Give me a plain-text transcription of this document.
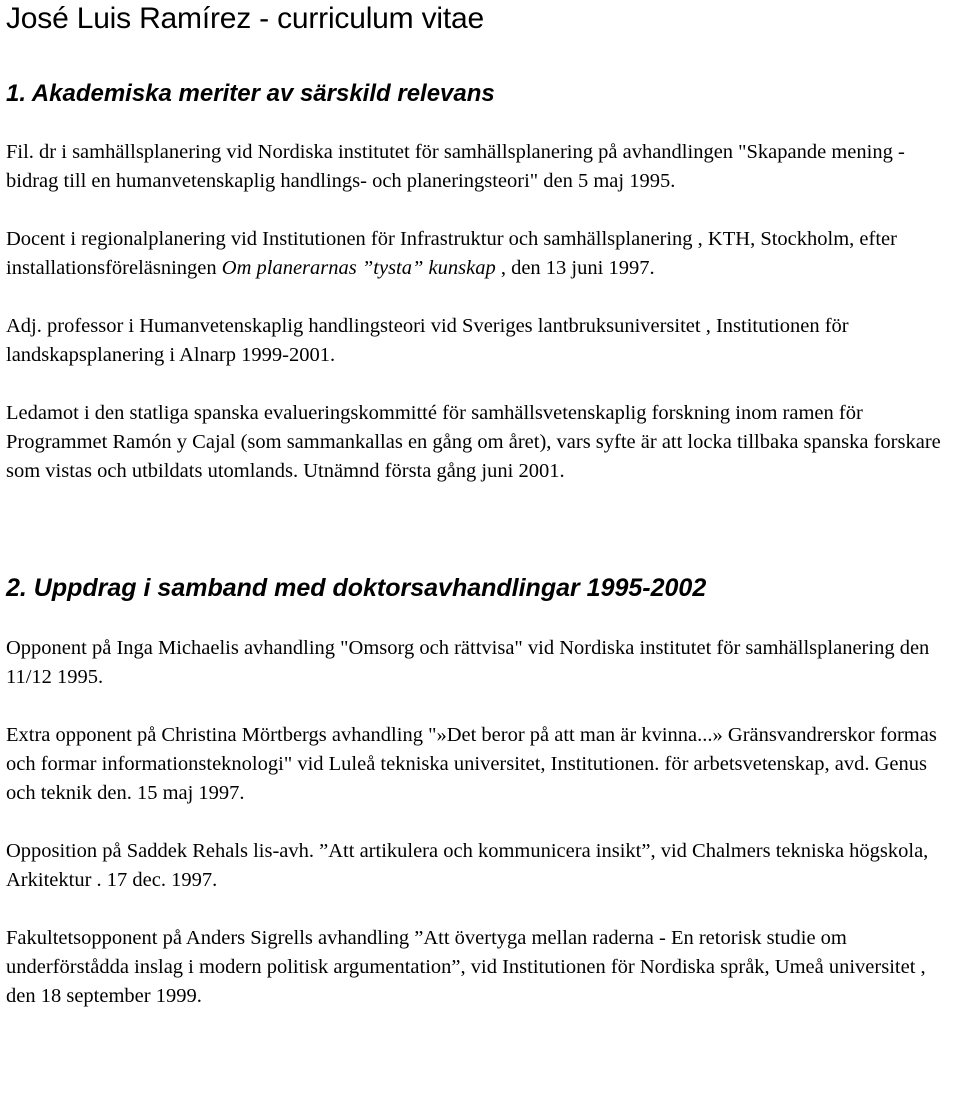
José Luis Ramírez - curriculum vitae
1. Akademiska meriter av särskild relevans

Fil. dr i samhällsplanering vid Nordiska institutet för samhällsplanering på avhandlingen "Skapande mening - bidrag till en humanvetenskaplig handlings- och planeringsteori" den 5 maj 1995.

Docent i regionalplanering vid Institutionen för Infrastruktur och samhällsplanering , KTH, Stockholm, efter installationsföreläsningen Om planerarnas ”tysta” kunskap , den 13 juni 1997.

Adj. professor i Humanvetenskaplig handlingsteori vid Sveriges lantbruksuniversitet , Institutionen för landskapsplanering i Alnarp 1999-2001.

Ledamot i den statliga spanska evalueringskommitté för samhällsvetenskaplig forskning inom ramen för Programmet Ramón y Cajal (som sammankallas en gång om året), vars syfte är att locka tillbaka spanska forskare som vistas och utbildats utomlands. Utnämnd första gång juni 2001.

2. Uppdrag i samband med doktorsavhandlingar 1995-2002

Opponent på Inga Michaelis avhandling "Omsorg och rättvisa" vid Nordiska institutet för samhällsplanering den 11/12 1995.

Extra opponent på Christina Mörtbergs avhandling "»Det beror på att man är kvinna...» Gränsvandrerskor formas och formar informationsteknologi" vid Luleå tekniska universitet, Institutionen. för arbetsvetenskap, avd. Genus och teknik den. 15 maj 1997.

Opposition på Saddek Rehals lis-avh. ”Att artikulera och kommunicera insikt”, vid Chalmers tekniska högskola, Arkitektur . 17 dec. 1997.

Fakultetsopponent på Anders Sigrells avhandling ”Att övertyga mellan raderna - En retorisk studie om underförstådda inslag i modern politisk argumentation”, vid Institutionen för Nordiska språk, Umeå universitet , den 18 september 1999.
